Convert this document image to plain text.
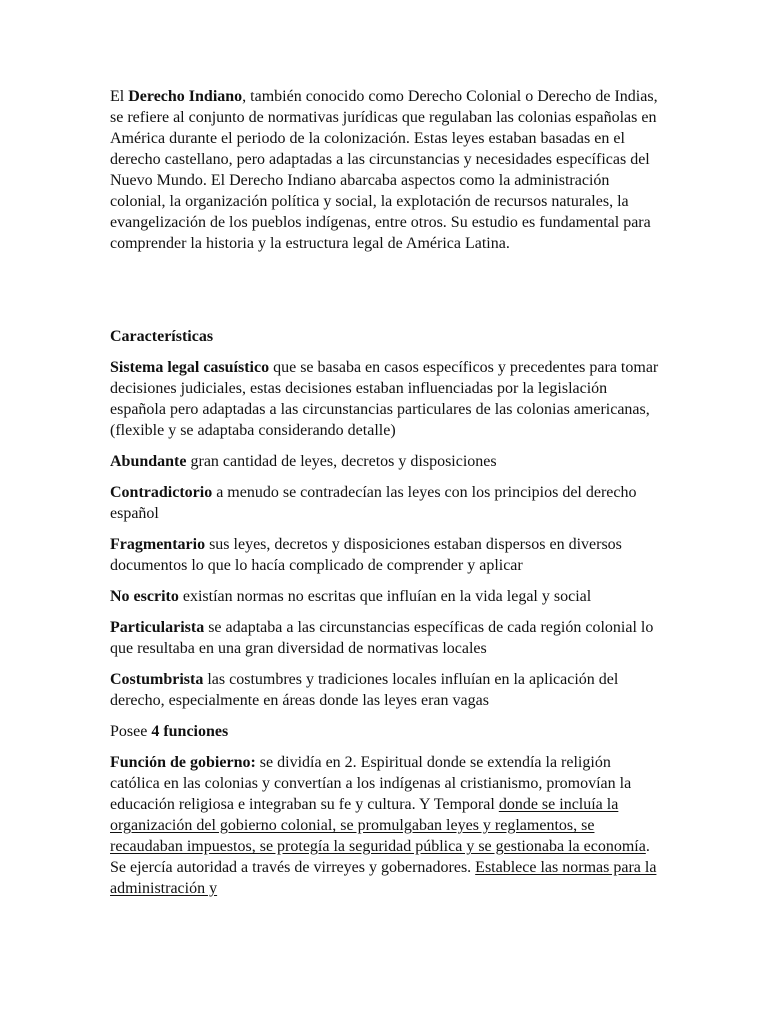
El Derecho Indiano, también conocido como Derecho Colonial o Derecho de Indias, se refiere al conjunto de normativas jurídicas que regulaban las colonias españolas en América durante el periodo de la colonización. Estas leyes estaban basadas en el derecho castellano, pero adaptadas a las circunstancias y necesidades específicas del Nuevo Mundo. El Derecho Indiano abarcaba aspectos como la administración colonial, la organización política y social, la explotación de recursos naturales, la evangelización de los pueblos indígenas, entre otros. Su estudio es fundamental para comprender la historia y la estructura legal de América Latina.

Características

Sistema legal casuístico que se basaba en casos específicos y precedentes para tomar decisiones judiciales, estas decisiones estaban influenciadas por la legislación española pero adaptadas a las circunstancias particulares de las colonias americanas, (flexible y se adaptaba considerando detalle)

Abundante gran cantidad de leyes, decretos y disposiciones

Contradictorio a menudo se contradecían las leyes con los principios del derecho español

Fragmentario sus leyes, decretos y disposiciones estaban dispersos en diversos documentos lo que lo hacía complicado de comprender y aplicar

No escrito existían normas no escritas que influían en la vida legal y social

Particularista se adaptaba a las circunstancias específicas de cada región colonial lo que resultaba en una gran diversidad de normativas locales

Costumbrista las costumbres y tradiciones locales influían en la aplicación del derecho, especialmente en áreas donde las leyes eran vagas

Posee 4 funciones

Función de gobierno: se dividía en 2. Espiritual donde se extendía la religión católica en las colonias y convertían a los indígenas al cristianismo, promovían la educación religiosa e integraban su fe y cultura. Y Temporal donde se incluía la organización del gobierno colonial, se promulgaban leyes y reglamentos, se recaudaban impuestos, se protegía la seguridad pública y se gestionaba la economía. Se ejercía autoridad a través de virreyes y gobernadores. Establece las normas para la administración y
